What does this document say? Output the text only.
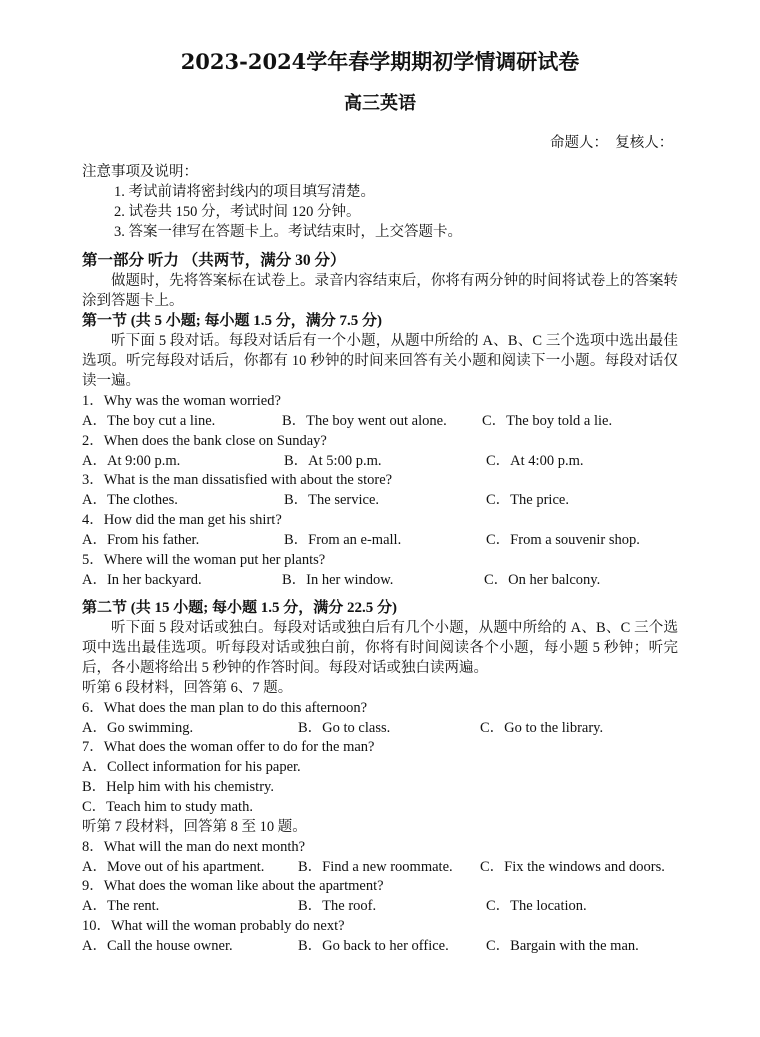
2023-2024学年春学期期初学情调研试卷
高三英语
命题人：　复核人：
注意事项及说明：
1. 考试前请将密封线内的项目填写清楚。
2. 试卷共 150 分，考试时间 120 分钟。
3. 答案一律写在答题卡上。考试结束时，上交答题卡。
第一部分 听力 （共两节，满分 30 分）
做题时，先将答案标在试卷上。录音内容结束后，你将有两分钟的时间将试卷上的答案转涂到答题卡上。
第一节 (共 5 小题; 每小题 1.5 分，满分 7.5 分)
听下面 5 段对话。每段对话后有一个小题，从题中所给的 A、B、C 三个选项中选出最佳选项。听完每段对话后，你都有 10 秒钟的时间来回答有关小题和阅读下一小题。每段对话仅读一遍。
1．Why was the woman worried?
A．The boy cut a line.	B．The boy went out alone. C．The boy told a lie.
2．When does the bank close on Sunday?
A．At 9:00 p.m.	B．At 5:00 p.m.	C．At 4:00 p.m.
3．What is the man dissatisfied with about the store?
A．The clothes.	B．The service.	C．The price.
4．How did the man get his shirt?
A．From his father.	B．From an e-mall.	C．From a souvenir shop.
5．Where will the woman put her plants?
A．In her backyard.	B．In her window.	C．On her balcony.
第二节 (共 15 小题; 每小题 1.5 分，满分 22.5 分)
听下面 5 段对话或独白。每段对话或独白后有几个小题，从题中所给的 A、B、C 三个选项中选出最佳选项。听每段对话或独白前，你将有时间阅读各个小题，每小题 5 秒钟；听完后，各小题将给出 5 秒钟的作答时间。每段对话或独白读两遍。
听第 6 段材料，回答第 6、7 题。
6．What does the man plan to do this afternoon?
A．Go swimming.	B．Go to class.	C．Go to the library.
7．What does the woman offer to do for the man?
A．Collect information for his paper.
B．Help him with his chemistry.
C．Teach him to study math.
听第 7 段材料，回答第 8 至 10 题。
8．What will the man do next month?
A．Move out of his apartment. B．Find a new roommate. C．Fix the windows and doors.
9．What does the woman like about the apartment?
A．The rent.	B．The roof.	C．The location.
10．What will the woman probably do next?
A．Call the house owner.	B．Go back to her office.	C．Bargain with the man.
